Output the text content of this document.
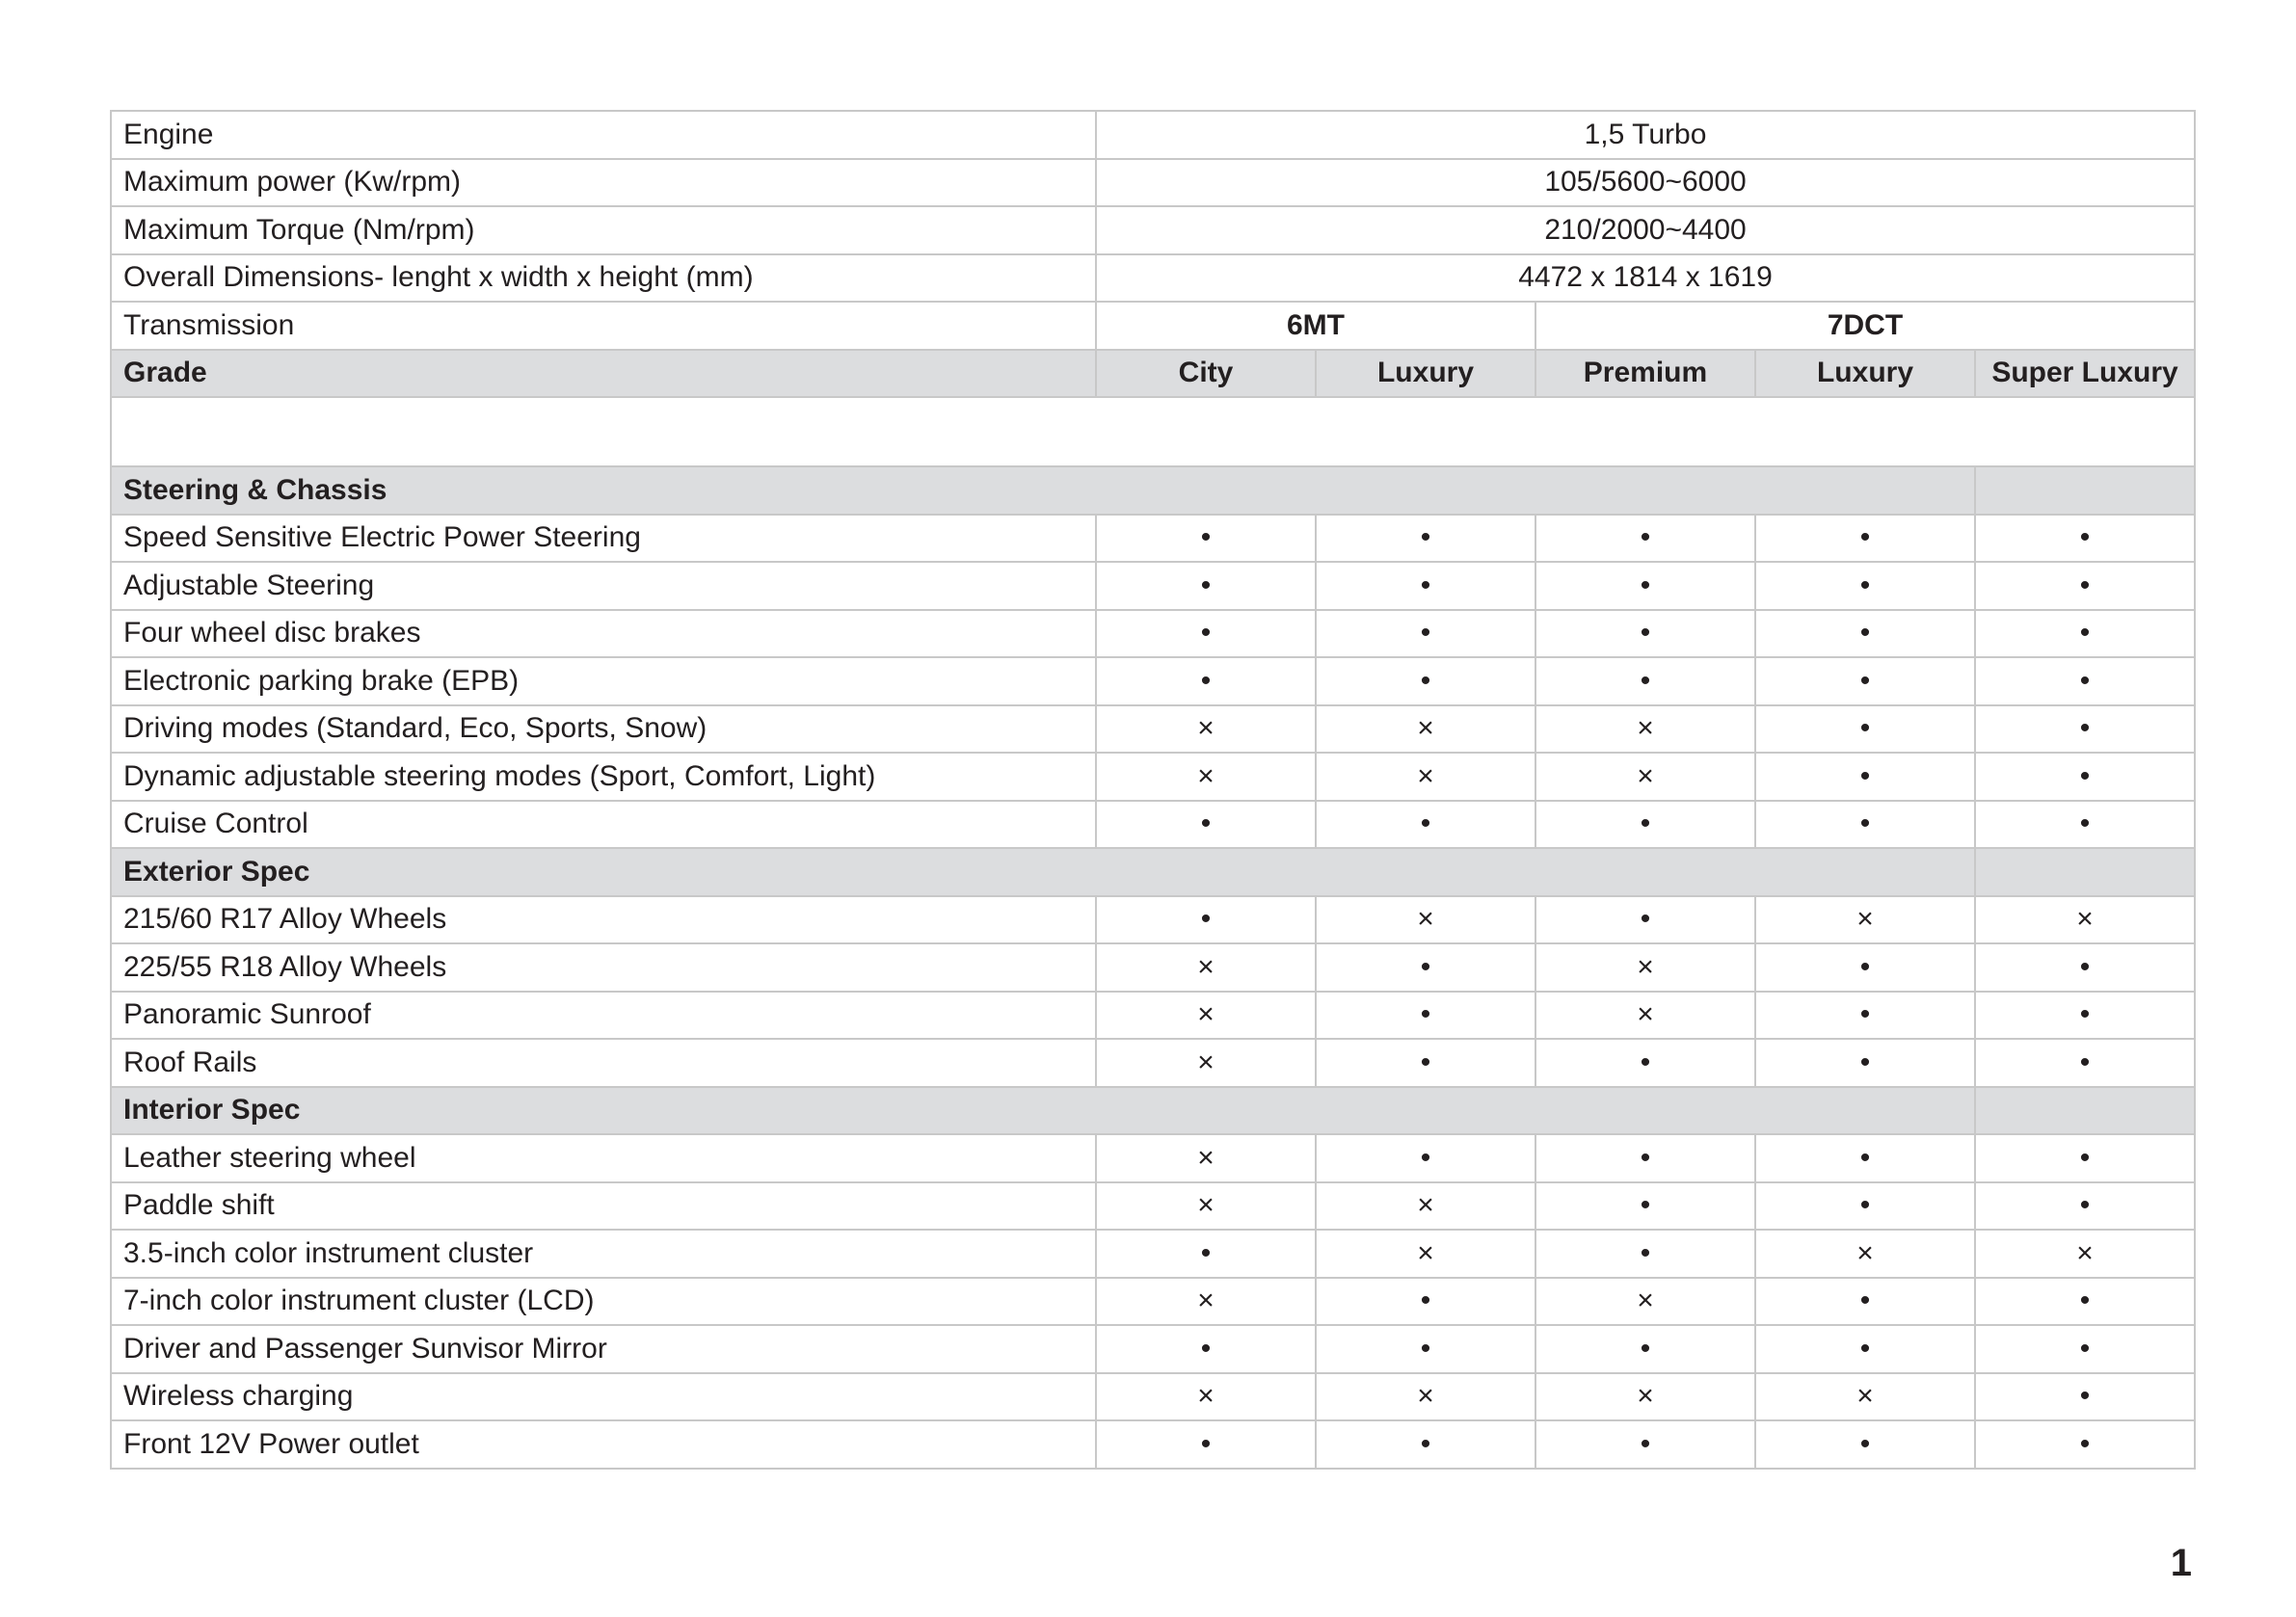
Engine	1,5 Turbo				
Maximum power (Kw/rpm)	105/5600~6000				
Maximum Torque (Nm/rpm)	210/2000~4400				
Overall Dimensions- lenght x width x height (mm)	4472 x 1814 x 1619				
Transmission	6MT		7DCT		
Grade	City	Luxury	Premium	Luxury	Super Luxury

Steering & Chassis					
Speed Sensitive Electric Power Steering	•	•	•	•	•
Adjustable Steering	•	•	•	•	•
Four wheel disc brakes	•	•	•	•	•
Electronic parking brake (EPB)	•	•	•	•	•
Driving modes (Standard, Eco, Sports, Snow)	×	×	×	•	•
Dynamic adjustable steering modes (Sport, Comfort, Light)	×	×	×	•	•
Cruise Control	•	•	•	•	•
Exterior Spec					
215/60 R17 Alloy Wheels	•	×	•	×	×
225/55 R18 Alloy Wheels	×	•	×	•	•
Panoramic Sunroof	×	•	×	•	•
Roof Rails	×	•	•	•	•
Interior Spec					
Leather steering wheel	×	•	•	•	•
Paddle shift	×	×	•	•	•
3.5-inch color instrument cluster	•	×	•	×	×
7-inch color instrument cluster (LCD)	×	•	×	•	•
Driver and Passenger Sunvisor Mirror	•	•	•	•	•
Wireless charging	×	×	×	×	•
Front 12V Power outlet	•	•	•	•	•
1
